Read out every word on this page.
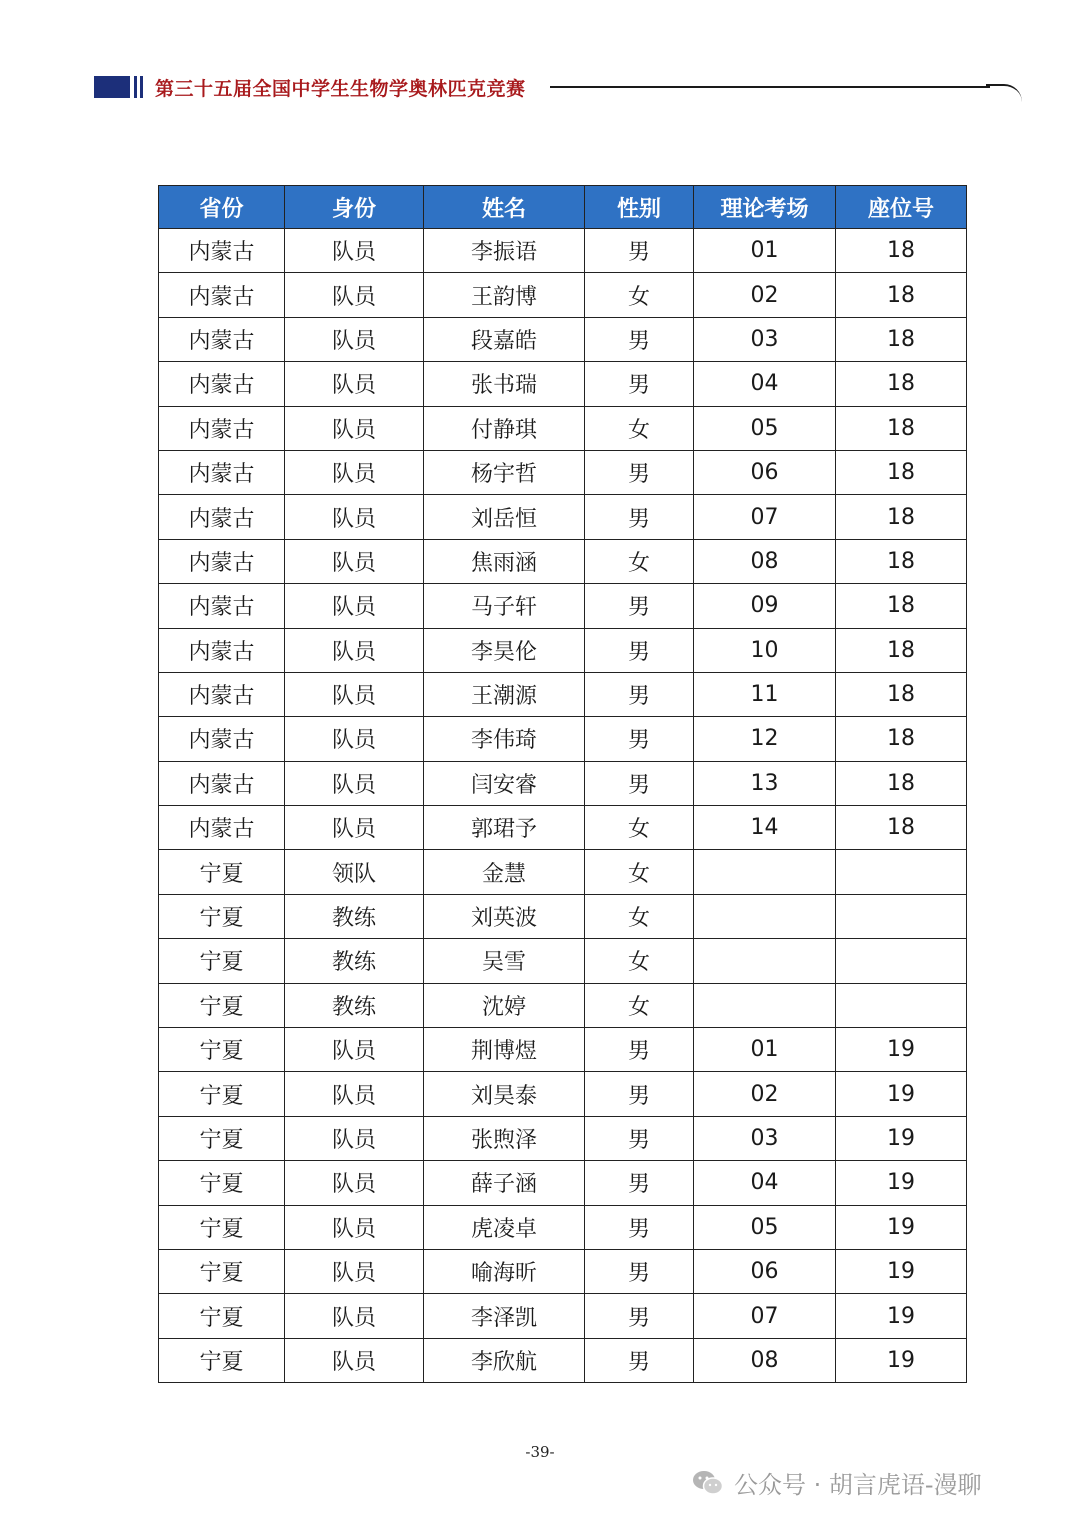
第三十五届全国中学生生物学奥林匹克竞赛
省份	身份	姓名	性别	理论考场	座位号
内蒙古	队员	李振语	男	01	18
内蒙古	队员	王韵博	女	02	18
内蒙古	队员	段嘉皓	男	03	18
内蒙古	队员	张书瑞	男	04	18
内蒙古	队员	付静琪	女	05	18
内蒙古	队员	杨宇哲	男	06	18
内蒙古	队员	刘岳恒	男	07	18
内蒙古	队员	焦雨涵	女	08	18
内蒙古	队员	马子轩	男	09	18
内蒙古	队员	李昊伦	男	10	18
内蒙古	队员	王潮源	男	11	18
内蒙古	队员	李伟琦	男	12	18
内蒙古	队员	闫安睿	男	13	18
内蒙古	队员	郭珺予	女	14	18
宁夏	领队	金慧	女		
宁夏	教练	刘英波	女		
宁夏	教练	吴雪	女		
宁夏	教练	沈婷	女		
宁夏	队员	荆博煜	男	01	19
宁夏	队员	刘昊泰	男	02	19
宁夏	队员	张煦泽	男	03	19
宁夏	队员	薛子涵	男	04	19
宁夏	队员	虎凌卓	男	05	19
宁夏	队员	喻海昕	男	06	19
宁夏	队员	李泽凯	男	07	19
宁夏	队员	李欣航	男	08	19
-39-
公众号 · 胡言虎语-漫聊
